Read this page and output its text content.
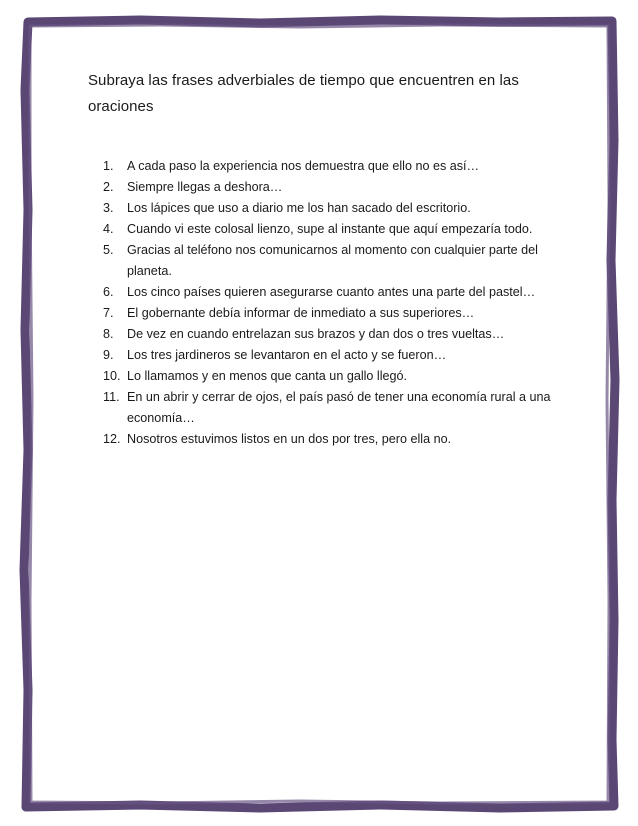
Subraya las frases adverbiales de tiempo que encuentren en las
oraciones
1.	A cada paso la experiencia nos demuestra que ello no es así…
2.	Siempre llegas a deshora…
3.	Los lápices que uso a diario me los han sacado del escritorio.
4.	Cuando vi este colosal lienzo, supe al instante que aquí empezaría todo.
5.	Gracias al teléfono nos comunicarnos al momento con cualquier parte del planeta.
6.	Los cinco países quieren asegurarse cuanto antes una parte del pastel…
7.	El gobernante debía informar de inmediato a sus superiores…
8.	De vez en cuando entrelazan sus brazos y dan dos o tres vueltas…
9.	Los tres jardineros se levantaron en el acto y se fueron…
10. Lo llamamos y en menos que canta un gallo llegó.
11. En un abrir y cerrar de ojos, el país pasó de tener una economía rural a una economía…
12. Nosotros estuvimos listos en un dos por tres, pero ella no.
